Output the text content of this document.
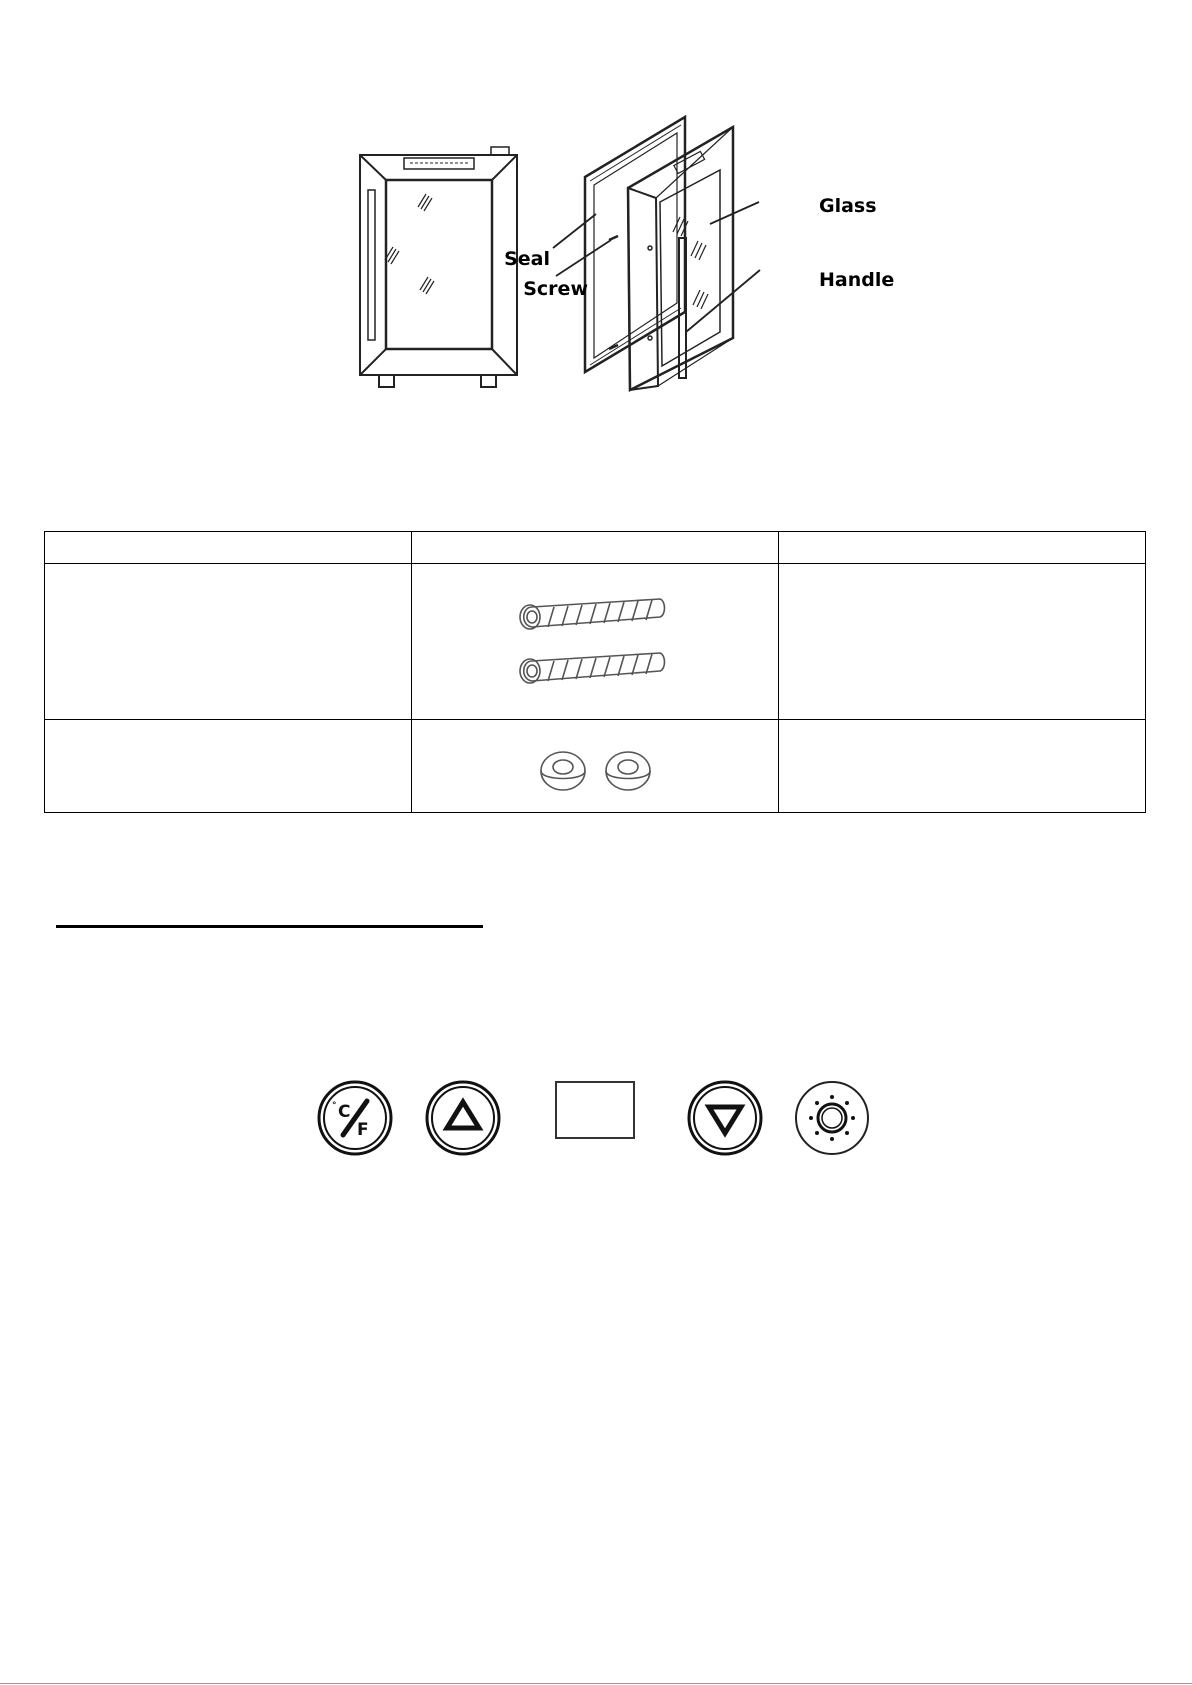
Seal
Screw
Glass
Handle

C
°
F
